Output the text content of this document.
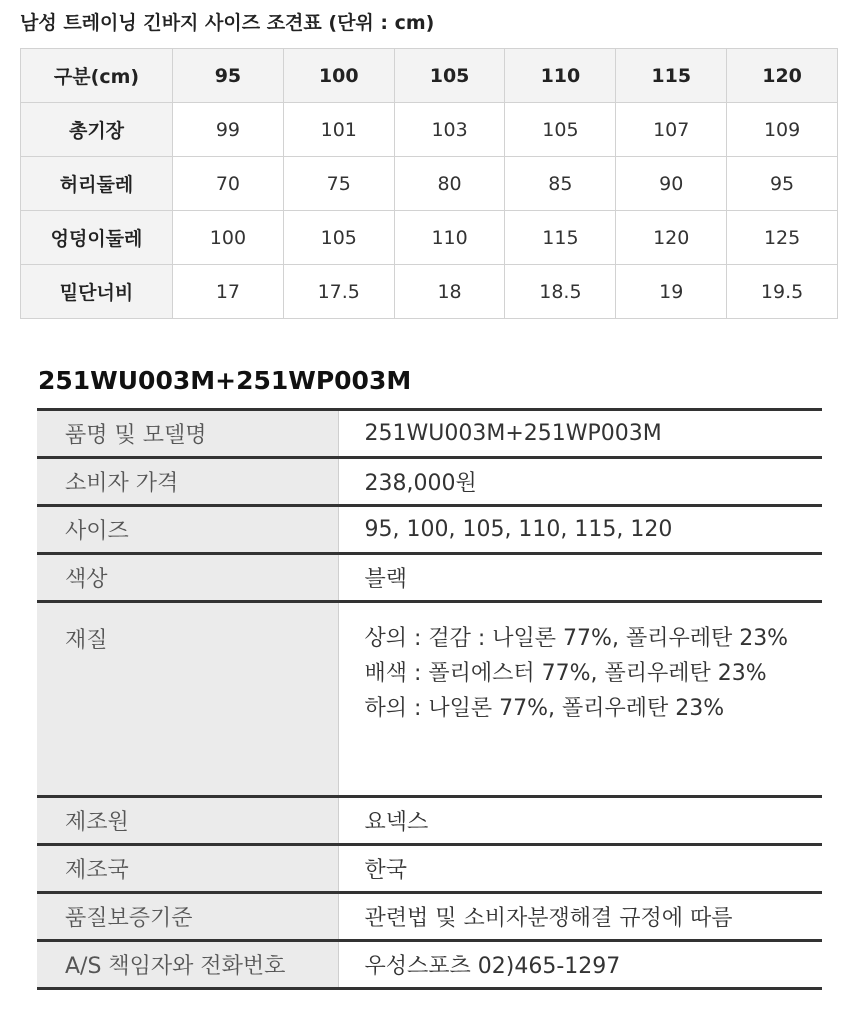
남성 트레이닝 긴바지 사이즈 조견표 (단위 : cm)
구분(cm)	95	100	105	110	115	120
총기장	99	101	103	105	107	109
허리둘레	70	75	80	85	90	95
엉덩이둘레	100	105	110	115	120	125
밑단너비	17	17.5	18	18.5	19	19.5
251WU003M+251WP003M
품명 및 모델명	251WU003M+251WP003M
소비자 가격	238,000원
사이즈	95, 100, 105, 110, 115, 120
색상	블랙
재질	상의 : 겉감 : 나일론 77%, 폴리우레탄 23%
배색 : 폴리에스터 77%, 폴리우레탄 23%
하의 : 나일론 77%, 폴리우레탄 23%

제조원	요넥스
제조국	한국
품질보증기준	관련법 및 소비자분쟁해결 규정에 따름
A/S 책임자와 전화번호	우성스포츠 02)465-1297
